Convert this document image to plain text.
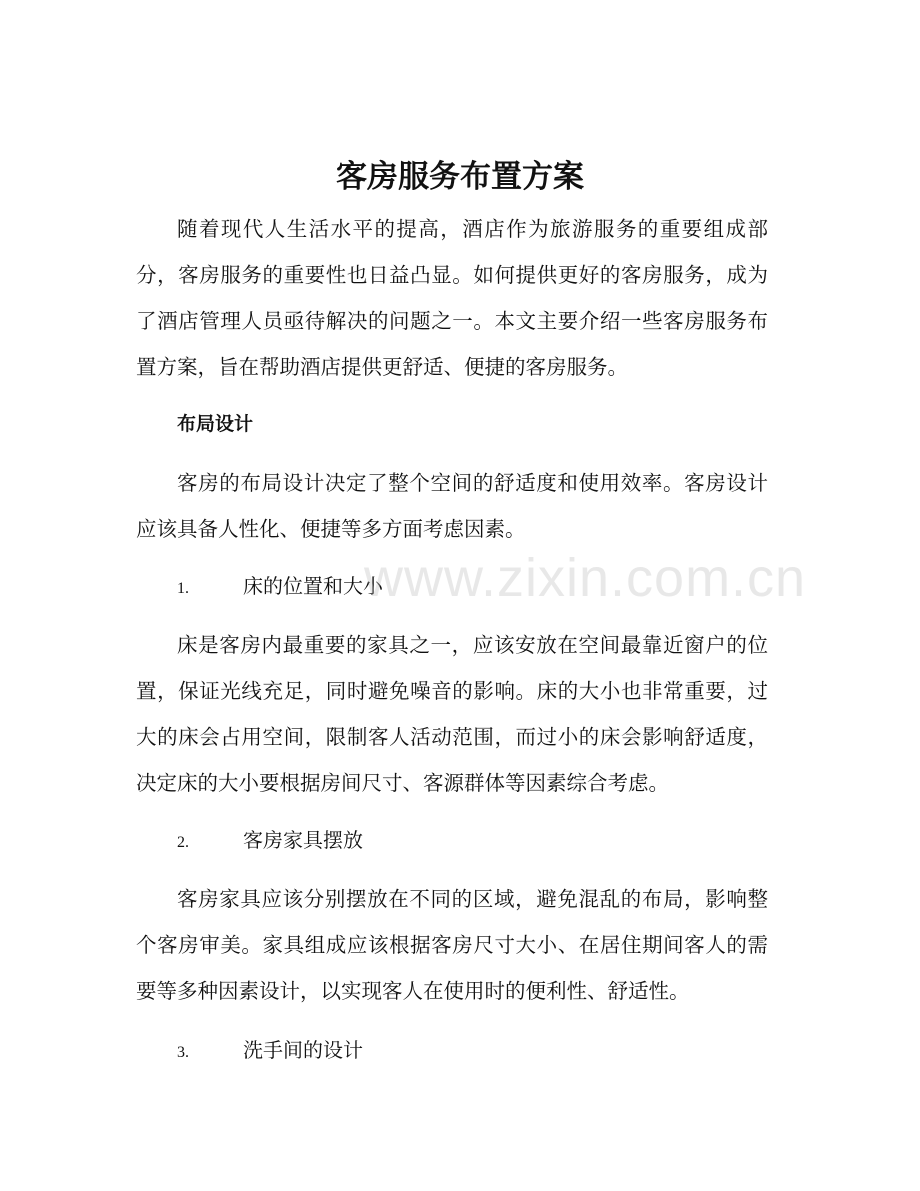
客房服务布置方案

随着现代人生活水平的提高，酒店作为旅游服务的重要组成部分，客房服务的重要性也日益凸显。如何提供更好的客房服务，成为了酒店管理人员亟待解决的问题之一。本文主要介绍一些客房服务布置方案，旨在帮助酒店提供更舒适、便捷的客房服务。

布局设计

客房的布局设计决定了整个空间的舒适度和使用效率。客房设计应该具备人性化、便捷等多方面考虑因素。

1.	床的位置和大小

床是客房内最重要的家具之一，应该安放在空间最靠近窗户的位置，保证光线充足，同时避免噪音的影响。床的大小也非常重要，过大的床会占用空间，限制客人活动范围，而过小的床会影响舒适度，决定床的大小要根据房间尺寸、客源群体等因素综合考虑。

2.	客房家具摆放

客房家具应该分别摆放在不同的区域，避免混乱的布局，影响整个客房审美。家具组成应该根据客房尺寸大小、在居住期间客人的需要等多种因素设计，以实现客人在使用时的便利性、舒适性。

3.	洗手间的设计
www.zixin.com.cn
